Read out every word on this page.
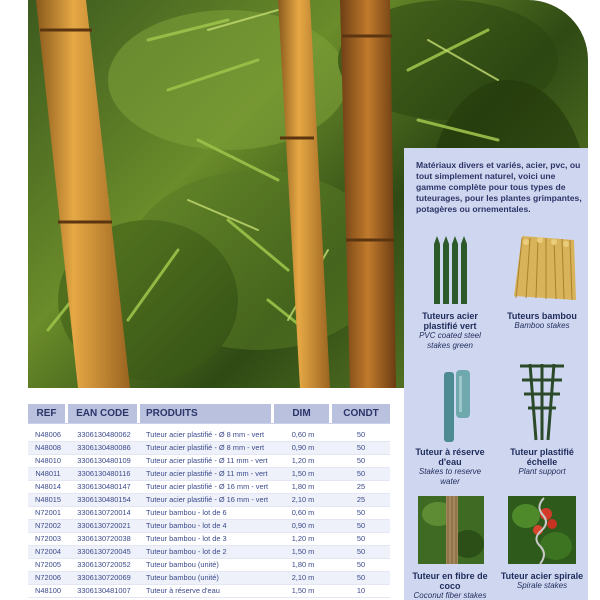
Matériaux divers et variés, acier, pvc, ou tout simplement naturel, voici une gamme complète pour tous types de tuteurages, pour les plantes grimpantes, potagères ou ornementales.

Tuteurs acier plastifié vert
PVC coated steel stakes green
Tuteurs bambou
Bamboo stakes
Tuteur à réserve d'eau
Stakes to reserve water
Tuteur plastifié échelle
Plant support
Tuteur en fibre de coco
Coconut fiber stakes
Tuteur acier spirale
Spirale stakes
REF	EAN CODE	PRODUITS	DIM	CONDT

N48006	3306130480062	Tuteur acier plastifié - Ø 8 mm - vert	0,60 m	50
N48008	3306130480086	Tuteur acier plastifié - Ø 8 mm - vert	0,90 m	50
N48010	3306130480109	Tuteur acier plastifié - Ø 11 mm - vert	1,20 m	50
N48011	3306130480116	Tuteur acier plastifié - Ø 11 mm - vert	1,50 m	50
N48014	3306130480147	Tuteur acier plastifié - Ø 16 mm - vert	1,80 m	25
N48015	3306130480154	Tuteur acier plastifié - Ø 16 mm - vert	2,10 m	25
N72001	3306130720014	Tuteur bambou - lot de 6	0,60 m	50
N72002	3306130720021	Tuteur bambou - lot de 4	0,90 m	50
N72003	3306130720038	Tuteur bambou - lot de 3	1,20 m	50
N72004	3306130720045	Tuteur bambou - lot de 2	1,50 m	50
N72005	3306130720052	Tuteur bambou (unité)	1,80 m	50
N72006	3306130720069	Tuteur bambou (unité)	2,10 m	50
N48100	3306130481007	Tuteur à réserve d'eau	1,50 m	10
